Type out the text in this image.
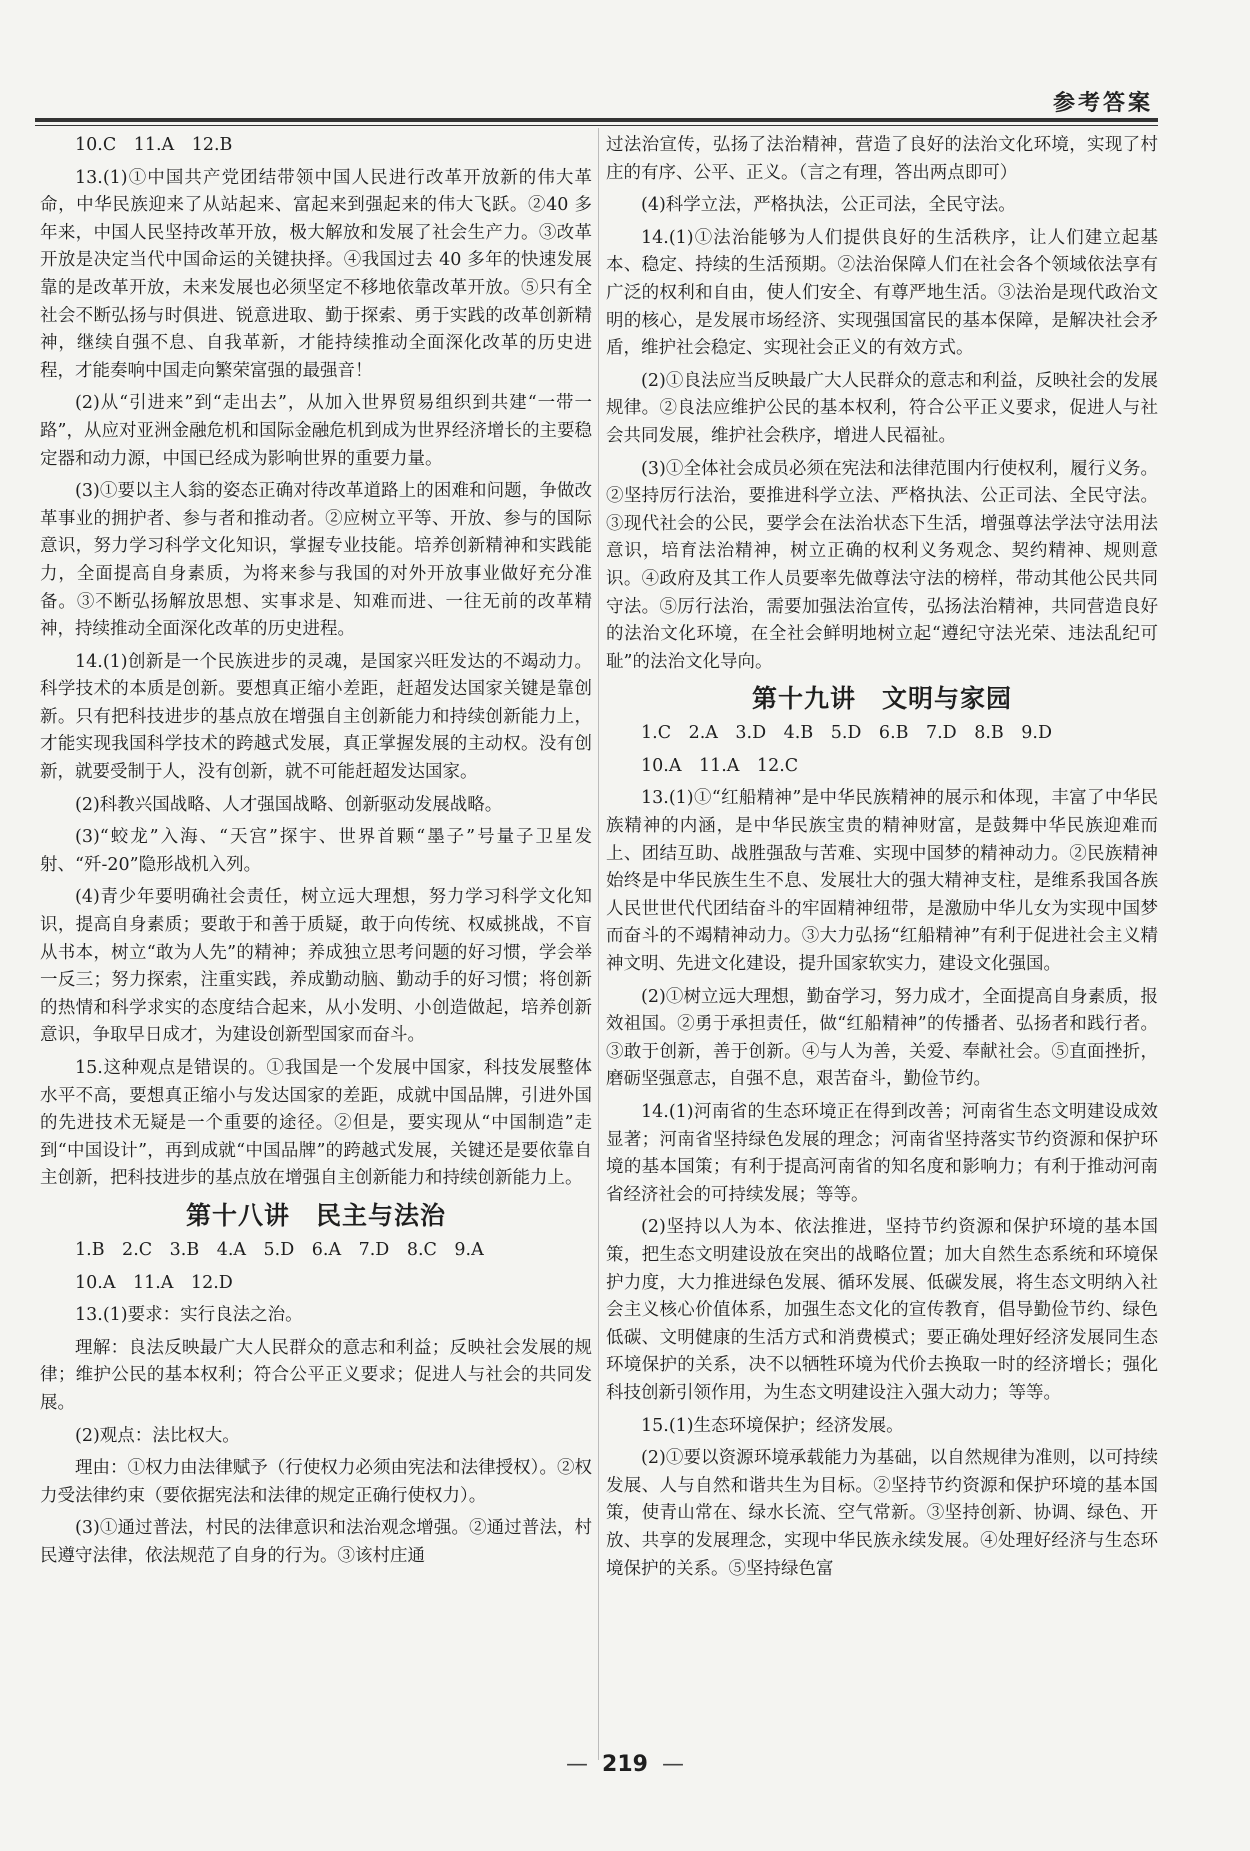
参考答案

10.C　11.A　12.B

13.(1)①中国共产党团结带领中国人民进行改革开放新的伟大革命，中华民族迎来了从站起来、富起来到强起来的伟大飞跃。②40 多年来，中国人民坚持改革开放，极大解放和发展了社会生产力。③改革开放是决定当代中国命运的关键抉择。④我国过去 40 多年的快速发展靠的是改革开放，未来发展也必须坚定不移地依靠改革开放。⑤只有全社会不断弘扬与时俱进、锐意进取、勤于探索、勇于实践的改革创新精神，继续自强不息、自我革新，才能持续推动全面深化改革的历史进程，才能奏响中国走向繁荣富强的最强音！

(2)从“引进来”到“走出去”，从加入世界贸易组织到共建“一带一路”，从应对亚洲金融危机和国际金融危机到成为世界经济增长的主要稳定器和动力源，中国已经成为影响世界的重要力量。

(3)①要以主人翁的姿态正确对待改革道路上的困难和问题，争做改革事业的拥护者、参与者和推动者。②应树立平等、开放、参与的国际意识，努力学习科学文化知识，掌握专业技能。培养创新精神和实践能力，全面提高自身素质，为将来参与我国的对外开放事业做好充分准备。③不断弘扬解放思想、实事求是、知难而进、一往无前的改革精神，持续推动全面深化改革的历史进程。

14.(1)创新是一个民族进步的灵魂，是国家兴旺发达的不竭动力。科学技术的本质是创新。要想真正缩小差距，赶超发达国家关键是靠创新。只有把科技进步的基点放在增强自主创新能力和持续创新能力上，才能实现我国科学技术的跨越式发展，真正掌握发展的主动权。没有创新，就要受制于人，没有创新，就不可能赶超发达国家。

(2)科教兴国战略、人才强国战略、创新驱动发展战略。

(3)“蛟龙”入海、“天宫”探宇、世界首颗“墨子”号量子卫星发射、“歼-20”隐形战机入列。

(4)青少年要明确社会责任，树立远大理想，努力学习科学文化知识，提高自身素质；要敢于和善于质疑，敢于向传统、权威挑战，不盲从书本，树立“敢为人先”的精神；养成独立思考问题的好习惯，学会举一反三；努力探索，注重实践，养成勤动脑、勤动手的好习惯；将创新的热情和科学求实的态度结合起来，从小发明、小创造做起，培养创新意识，争取早日成才，为建设创新型国家而奋斗。

15.这种观点是错误的。①我国是一个发展中国家，科技发展整体水平不高，要想真正缩小与发达国家的差距，成就中国品牌，引进外国的先进技术无疑是一个重要的途径。②但是，要实现从“中国制造”走到“中国设计”，再到成就“中国品牌”的跨越式发展，关键还是要依靠自主创新，把科技进步的基点放在增强自主创新能力和持续创新能力上。

第十八讲　民主与法治

1.B　2.C　3.B　4.A　5.D　6.A　7.D　8.C　9.A

10.A　11.A　12.D

13.(1)要求：实行良法之治。

理解：良法反映最广大人民群众的意志和利益；反映社会发展的规律；维护公民的基本权利；符合公平正义要求；促进人与社会的共同发展。

(2)观点：法比权大。

理由：①权力由法律赋予（行使权力必须由宪法和法律授权）。②权力受法律约束（要依据宪法和法律的规定正确行使权力）。

(3)①通过普法，村民的法律意识和法治观念增强。②通过普法，村民遵守法律，依法规范了自身的行为。③该村庄通

过法治宣传，弘扬了法治精神，营造了良好的法治文化环境，实现了村庄的有序、公平、正义。（言之有理，答出两点即可）

(4)科学立法，严格执法，公正司法，全民守法。

14.(1)①法治能够为人们提供良好的生活秩序，让人们建立起基本、稳定、持续的生活预期。②法治保障人们在社会各个领域依法享有广泛的权利和自由，使人们安全、有尊严地生活。③法治是现代政治文明的核心，是发展市场经济、实现强国富民的基本保障，是解决社会矛盾，维护社会稳定、实现社会正义的有效方式。

(2)①良法应当反映最广大人民群众的意志和利益，反映社会的发展规律。②良法应维护公民的基本权利，符合公平正义要求，促进人与社会共同发展，维护社会秩序，增进人民福祉。

(3)①全体社会成员必须在宪法和法律范围内行使权利，履行义务。②坚持厉行法治，要推进科学立法、严格执法、公正司法、全民守法。③现代社会的公民，要学会在法治状态下生活，增强尊法学法守法用法意识，培育法治精神，树立正确的权利义务观念、契约精神、规则意识。④政府及其工作人员要率先做尊法守法的榜样，带动其他公民共同守法。⑤厉行法治，需要加强法治宣传，弘扬法治精神，共同营造良好的法治文化环境，在全社会鲜明地树立起“遵纪守法光荣、违法乱纪可耻”的法治文化导向。

第十九讲　文明与家园

1.C　2.A　3.D　4.B　5.D　6.B　7.D　8.B　9.D

10.A　11.A　12.C

13.(1)①“红船精神”是中华民族精神的展示和体现，丰富了中华民族精神的内涵，是中华民族宝贵的精神财富，是鼓舞中华民族迎难而上、团结互助、战胜强敌与苦难、实现中国梦的精神动力。②民族精神始终是中华民族生生不息、发展壮大的强大精神支柱，是维系我国各族人民世世代代团结奋斗的牢固精神纽带，是激励中华儿女为实现中国梦而奋斗的不竭精神动力。③大力弘扬“红船精神”有利于促进社会主义精神文明、先进文化建设，提升国家软实力，建设文化强国。

(2)①树立远大理想，勤奋学习，努力成才，全面提高自身素质，报效祖国。②勇于承担责任，做“红船精神”的传播者、弘扬者和践行者。③敢于创新，善于创新。④与人为善，关爱、奉献社会。⑤直面挫折，磨砺坚强意志，自强不息，艰苦奋斗，勤俭节约。

14.(1)河南省的生态环境正在得到改善；河南省生态文明建设成效显著；河南省坚持绿色发展的理念；河南省坚持落实节约资源和保护环境的基本国策；有利于提高河南省的知名度和影响力；有利于推动河南省经济社会的可持续发展；等等。

(2)坚持以人为本、依法推进，坚持节约资源和保护环境的基本国策，把生态文明建设放在突出的战略位置；加大自然生态系统和环境保护力度，大力推进绿色发展、循环发展、低碳发展，将生态文明纳入社会主义核心价值体系，加强生态文化的宣传教育，倡导勤俭节约、绿色低碳、文明健康的生活方式和消费模式；要正确处理好经济发展同生态环境保护的关系，决不以牺牲环境为代价去换取一时的经济增长；强化科技创新引领作用，为生态文明建设注入强大动力；等等。

15.(1)生态环境保护；经济发展。

(2)①要以资源环境承载能力为基础，以自然规律为准则，以可持续发展、人与自然和谐共生为目标。②坚持节约资源和保护环境的基本国策，使青山常在、绿水长流、空气常新。③坚持创新、协调、绿色、开放、共享的发展理念，实现中华民族永续发展。④处理好经济与生态环境保护的关系。⑤坚持绿色富

— 219 —
